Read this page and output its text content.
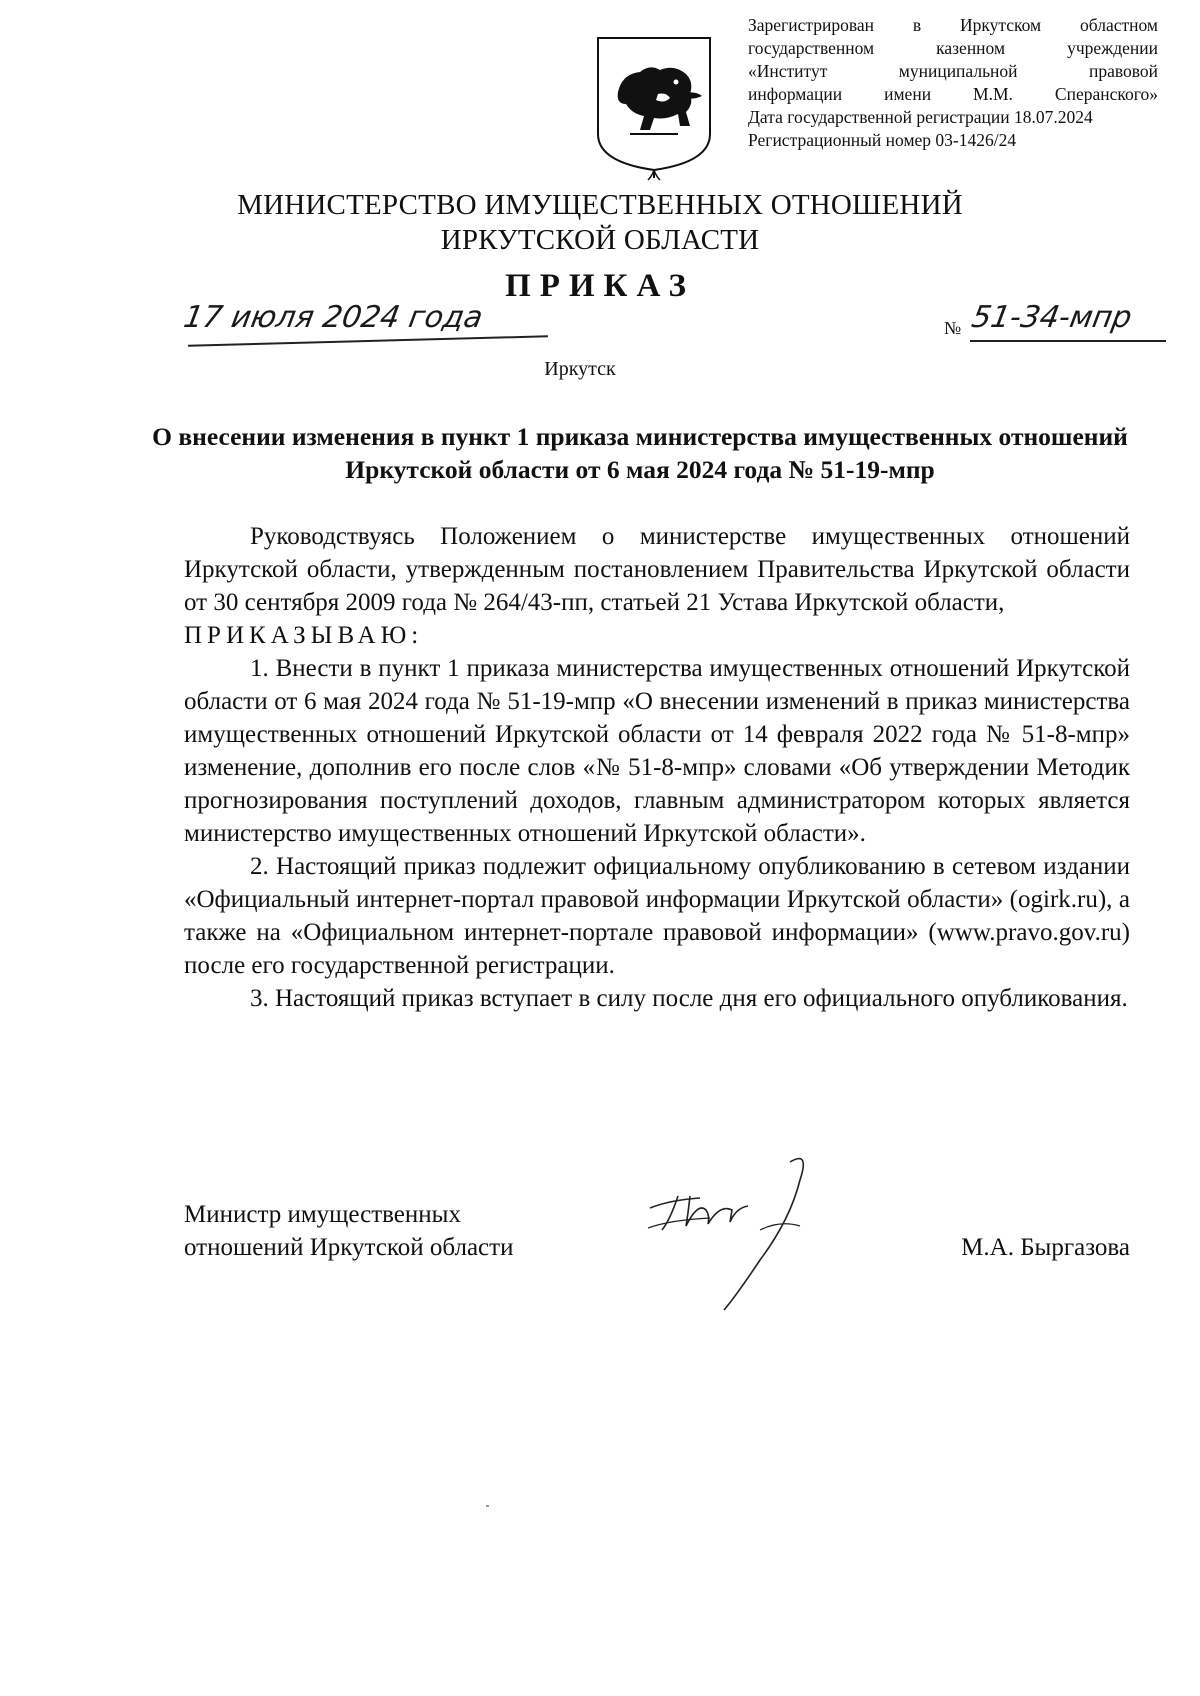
Зарегистрирован в Иркутском областном
государственном казенном учреждении
«Институт муниципальной правовой
информации имени М.М. Сперанского»
Дата государственной регистрации 18.07.2024
Регистрационный номер 03-1426/24
МИНИСТЕРСТВО ИМУЩЕСТВЕННЫХ ОТНОШЕНИЙ
ИРКУТСКОЙ ОБЛАСТИ
ПРИКАЗ
17 июля 2024 года	№ 51-34-мпр
Иркутск
О внесении изменения в пункт 1 приказа министерства имущественных отношений Иркутской области от 6 мая 2024 года № 51-19-мпр

Руководствуясь Положением о министерстве имущественных отношений Иркутской области, утвержденным постановлением Правительства Иркутской области от 30 сентября 2009 года № 264/43-пп, статьей 21 Устава Иркутской области,

ПРИКАЗЫВАЮ:

1. Внести в пункт 1 приказа министерства имущественных отношений Иркутской области от 6 мая 2024 года № 51-19-мпр «О внесении изменений в приказ министерства имущественных отношений Иркутской области от 14 февраля 2022 года № 51-8-мпр» изменение, дополнив его после слов «№ 51-8-мпр» словами «Об утверждении Методик прогнозирования поступлений доходов, главным администратором которых является министерство имущественных отношений Иркутской области».

2. Настоящий приказ подлежит официальному опубликованию в сетевом издании «Официальный интернет-портал правовой информации Иркутской области» (ogirk.ru), а также на «Официальном интернет-портале правовой информации» (www.pravo.gov.ru) после его государственной регистрации.

3. Настоящий приказ вступает в силу после дня его официального опубликования.

Министр имущественных
отношений Иркутской области	М.А. Быргазова
